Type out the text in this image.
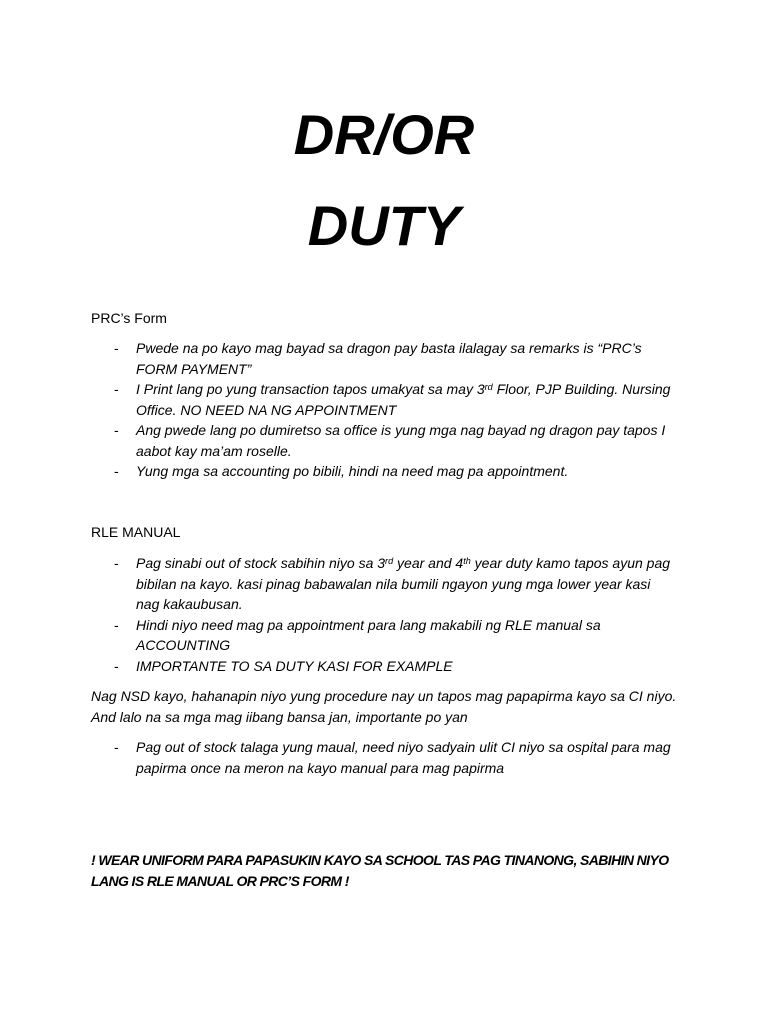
DR/OR
DUTY
PRC’s Form
- Pwede na po kayo mag bayad sa dragon pay basta ilalagay sa remarks is “PRC’s
FORM PAYMENT”
- I Print lang po yung transaction tapos umakyat sa may 3rd Floor, PJP Building. Nursing
Office. NO NEED NA NG APPOINTMENT
- Ang pwede lang po dumiretso sa office is yung mga nag bayad ng dragon pay tapos I
aabot kay ma’am roselle.
- Yung mga sa accounting po bibili, hindi na need mag pa appointment.
RLE MANUAL
- Pag sinabi out of stock sabihin niyo sa 3rd year and 4th year duty kamo tapos ayun pag
bibilan na kayo. kasi pinag babawalan nila bumili ngayon yung mga lower year kasi
nag kakaubusan.
- Hindi niyo need mag pa appointment para lang makabili ng RLE manual sa
ACCOUNTING
- IMPORTANTE TO SA DUTY KASI FOR EXAMPLE
Nag NSD kayo, hahanapin niyo yung procedure nay un tapos mag papapirma kayo sa CI niyo.
And lalo na sa mga mag iibang bansa jan, importante po yan
- Pag out of stock talaga yung maual, need niyo sadyain ulit CI niyo sa ospital para mag
papirma once na meron na kayo manual para mag papirma
! WEAR UNIFORM PARA PAPASUKIN KAYO SA SCHOOL TAS PAG TINANONG, SABIHIN NIYO
LANG IS RLE MANUAL OR PRC’S FORM !
